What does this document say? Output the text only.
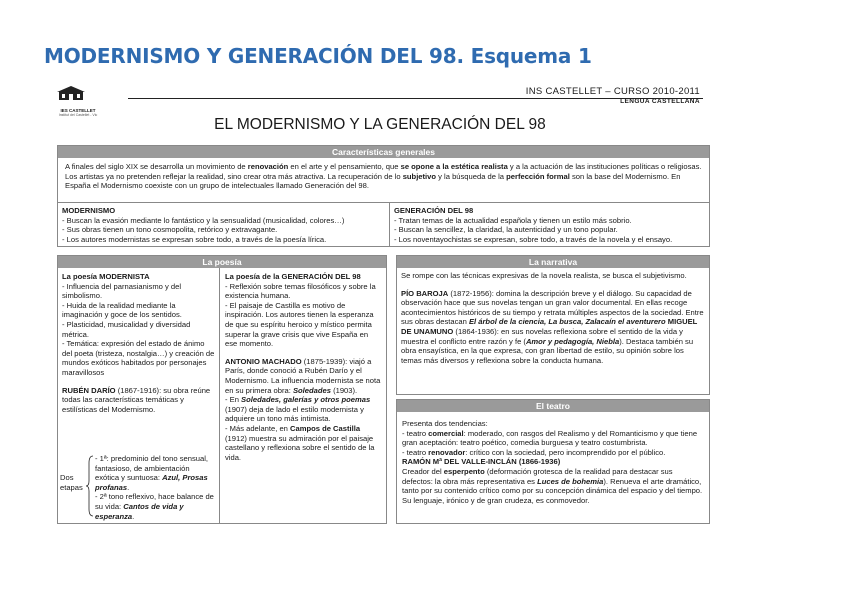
MODERNISMO Y GENERACIÓN DEL 98. Esquema 1
IES CASTELLET
Institut del Castellet - Vic
INS CASTELLET – CURSO 2010-2011
LENGUA CASTELLANA
EL MODERNISMO Y LA GENERACIÓN DEL 98
Características generales
A finales del siglo XIX se desarrolla un movimiento de renovación en el arte y el pensamiento, que se opone a la estética realista y a la actuación de las instituciones políticas o religiosas. Los artistas ya no pretenden reflejar la realidad, sino crear otra más atractiva. La recuperación de lo subjetivo y la búsqueda de la perfección formal son la base del Modernismo. En España el Modernismo coexiste con un grupo de intelectuales llamado Generación del 98.

MODERNISMO

- Buscan la evasión mediante lo fantástico y la sensualidad (musicalidad, colores…)

- Sus obras tienen un tono cosmopolita, retórico y extravagante.

- Los autores modernistas se expresan sobre todo, a través de la poesía lírica.

GENERACIÓN DEL 98

- Tratan temas de la actualidad española y tienen un estilo más sobrio.

- Buscan la sencillez, la claridad, la autenticidad y un tono popular.

- Los noventayochistas se expresan, sobre todo, a través de la novela y el ensayo.

La poesía

La poesía MODERNISTA

- Influencia del parnasianismo y del simbolismo.

- Huida de la realidad mediante la imaginación y goce de los sentidos.

- Plasticidad, musicalidad y diversidad métrica.

- Temática: expresión del estado de ánimo del poeta (tristeza, nostalgia…) y creación de mundos exóticos habitados por personajes maravillosos

RUBÉN DARÍO (1867-1916): su obra reúne todas las características temáticas y estilísticas del Modernismo.

Dos etapas

- 1ª: predominio del tono sensual, fantasioso, de ambientación exótica y suntuosa: Azul, Prosas profanas.

- 2ª tono reflexivo, hace balance de su vida: Cantos de vida y esperanza.

La poesía de la GENERACIÓN DEL 98

- Reflexión sobre temas filosóficos y sobre la existencia humana.

- El paisaje de Castilla es motivo de inspiración. Los autores tienen la esperanza de que su espíritu heroico y místico permita superar la grave crisis que vive España en ese momento.

ANTONIO MACHADO (1875-1939): viajó a París, donde conoció a Rubén Darío y el Modernismo. La influencia modernista se nota en su primera obra: Soledades (1903).

- En Soledades, galerías y otros poemas (1907) deja de lado el estilo modernista y adquiere un tono más intimista.

- Más adelante, en Campos de Castilla (1912) muestra su admiración por el paisaje castellano y reflexiona sobre el sentido de la vida.

La narrativa

Se rompe con las técnicas expresivas de la novela realista, se busca el subjetivismo.

PÍO BAROJA (1872-1956): domina la descripción breve y el diálogo. Su capacidad de observación hace que sus novelas tengan un gran valor documental. En ellas recoge acontecimientos históricos de su tiempo y retrata múltiples aspectos de la sociedad. Entre sus obras destacan El árbol de la ciencia, La busca, Zalacaín el aventurero MIGUEL DE UNAMUNO (1864-1936): en sus novelas reflexiona sobre el sentido de la vida y muestra el conflicto entre razón y fe (Amor y pedagogía, Niebla). Destaca también su obra ensayística, en la que expresa, con gran libertad de estilo, su opinión sobre los temas más diversos y reflexiona sobre la conducta humana.

El teatro

Presenta dos tendencias:

- teatro comercial: moderado, con rasgos del Realismo y del Romanticismo y que tiene gran aceptación: teatro poético, comedia burguesa y teatro costumbrista.

- teatro renovador: crítico con la sociedad, pero incomprendido por el público.

RAMÓN Mª DEL VALLE-INCLÁN (1866-1936)

Creador del esperpento (deformación grotesca de la realidad para destacar sus defectos: la obra más representativa es Luces de bohemia). Renueva el arte dramático, tanto por su contenido crítico como por su concepción dinámica del espacio y del tiempo. Su lenguaje, irónico y de gran crudeza, es conmovedor.
